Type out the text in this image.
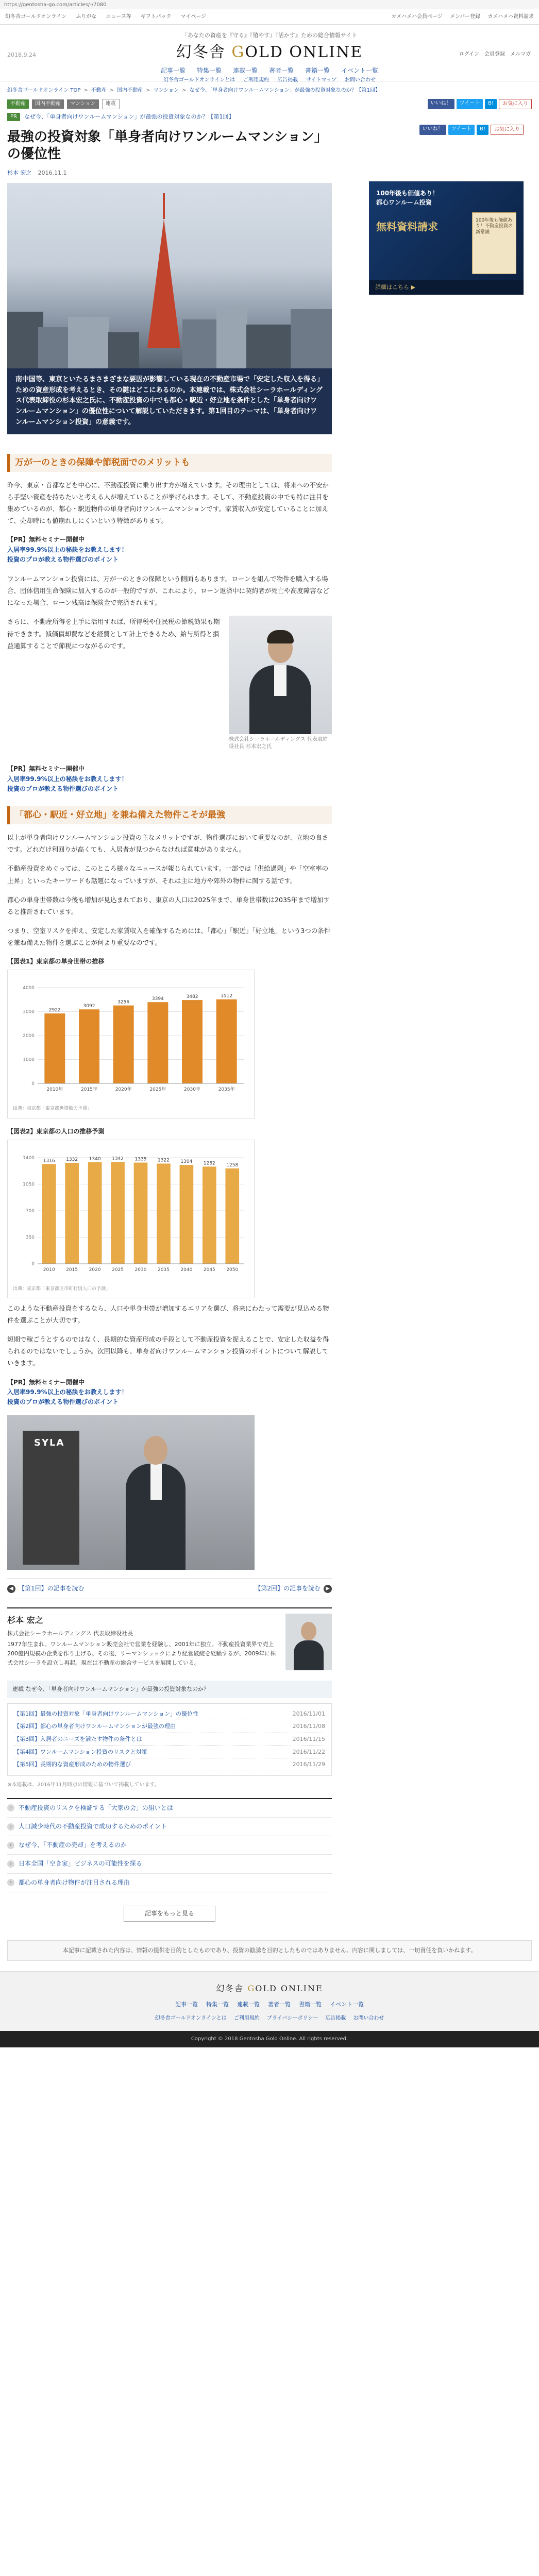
https://gentosha-go.com/articles/-/7080
幻冬舎ゴールドオンライン ふりがな ニュース等 ギフトパック マイページ	カメハメハ会員ページ メンバー登録 カメハメハ資料請求
「あなたの資産を『守る』『殖やす』『活かす』ための総合情報サイト
幻冬舎 GOLD ONLINE
2018.9.24	ログイン 会員登録 メルマガ
記事一覧 特集一覧 連載一覧 著者一覧 書籍一覧 イベント一覧
幻冬舎ゴールドオンラインとは ご利用規約 広告掲載 サイトマップ お問い合わせ
幻冬舎ゴールドオンライン TOP > 不動産 > 国内不動産 > マンション > なぜ今、「単身者向けワンルームマンション」が最強の投資対象なのか？【第1回】
不動産	国内不動産	マンション	連載	いいね！	ツイート	B!	お気に入り
PR	なぜ今、「単身者向けワンルームマンション」が最強の投資対象なのか？【第1回】
最強の投資対象「単身者向けワンルームマンション」の優位性
杉本 宏之 2016.11.1
南中国等、東京といたるまさまざまな要因が影響している現在の不動産市場で「安定した収入を得る」ための資産形成を考えるとき、その鍵はどこにあるのか。本連載では、株式会社シーラホールディングス代表取締役の杉本宏之氏に、不動産投資の中でも都心・駅近・好立地を条件とした「単身者向けワンルームマンション」の優位性について解説していただきます。第1回目のテーマは、「単身者向けワンルームマンション投資」の意義です。
万が一のときの保障や節税面でのメリットも

昨今、東京・首都などを中心に、不動産投資に乗り出す方が増えています。その理由としては、将来への不安から手堅い資産を持ちたいと考える人が増えていることが挙げられます。そして、不動産投資の中でも特に注目を集めているのが、都心・駅近物件の単身者向けワンルームマンションです。家賃収入が安定していることに加えて、売却時にも値崩れしにくいという特徴があります。

【PR】無料セミナー開催中
入居率99.9%以上の秘訣をお教えします！
投資のプロが教える物件選びのポイント

ワンルームマンション投資には、万が一のときの保障という側面もあります。ローンを組んで物件を購入する場合、団体信用生命保険に加入するのが一般的ですが、これにより、ローン返済中に契約者が死亡や高度障害などになった場合、ローン残高は保険金で完済されます。

株式会社シーラホールディングス 代表取締役社長 杉本宏之氏

さらに、不動産所得を上手に活用すれば、所得税や住民税の節税効果も期待できます。減価償却費などを経費として計上できるため、給与所得と損益通算することで節税につながるのです。

【PR】無料セミナー開催中
入居率99.9%以上の秘訣をお教えします！
投資のプロが教える物件選びのポイント
「都心・駅近・好立地」を兼ね備えた物件こそが最強

以上が単身者向けワンルームマンション投資の主なメリットですが、物件選びにおいて重要なのが、立地の良さです。どれだけ利回りが高くても、入居者が見つからなければ意味がありません。

不動産投資をめぐっては、このところ様々なニュースが報じられています。一部では「供給過剰」や「空室率の上昇」といったキーワードも話題になっていますが、それは主に地方や郊外の物件に関する話です。

都心の単身世帯数は今後も増加が見込まれており、東京の人口は2025年まで、単身世帯数は2035年まで増加すると推計されています。

つまり、空室リスクを抑え、安定した家賃収入を確保するためには、「都心」「駅近」「好立地」という3つの条件を兼ね備えた物件を選ぶことが何より重要なのです。

【図表1】東京都の単身世帯の推移
0
1000
2000
3000
4000
2922
2010年
3092
2015年
3256
2020年
3394
2025年
3482
2030年
3512
2035年
出典：東京都「東京都世帯数の予測」
【図表2】東京都の人口の推移予測
0
350
700
1050
1400
1316
2010
1332
2015
1340
2020
1342
2025
1335
2030
1322
2035
1304
2040
1282
2045
1258
2050
出典：東京都「東京都区市町村別人口の予測」

このような不動産投資をするなら、人口や単身世帯が増加するエリアを選び、将来にわたって需要が見込める物件を選ぶことが大切です。

短期で稼ごうとするのではなく、長期的な資産形成の手段として不動産投資を捉えることで、安定した収益を得られるのではないでしょうか。次回以降も、単身者向けワンルームマンション投資のポイントについて解説していきます。

【PR】無料セミナー開催中
入居率99.9%以上の秘訣をお教えします！
投資のプロが教える物件選びのポイント
SYLA
◀ 【第1回】の記事を読む	【第2回】の記事を読む	▶
杉本 宏之
株式会社シーラホールディングス 代表取締役社長
1977年生まれ。ワンルームマンション販売会社で営業を経験し、2001年に独立。不動産投資業界で売上200億円規模の企業を作り上げる。その後、リーマンショックにより経営破綻を経験するが、2009年に株式会社シーラを設立し再起。現在は不動産の総合サービスを展開している。
連載 なぜ今、「単身者向けワンルームマンション」が最強の投資対象なのか？
【第1回】最強の投資対象「単身者向けワンルームマンション」の優位性	2016/11/01
【第2回】都心の単身者向けワンルームマンションが最強の理由	2016/11/08
【第3回】入居者のニーズを満たす物件の条件とは	2016/11/15
【第4回】ワンルームマンション投資のリスクと対策	2016/11/22
【第5回】長期的な資産形成のための物件選び	2016/11/29
※本連載は、2016年11月時点の情報に基づいて掲載しています。
›	不動産投資のリスクを検証する「大家の会」の狙いとは
›	人口減少時代の不動産投資で成功するためのポイント
›	なぜ今、「不動産の売却」を考えるのか
›	日本全国「空き家」ビジネスの可能性を探る
›	都心の単身者向け物件が注目される理由
記事をもっと見る
いいね！	ツイート	B!	お気に入り
100年後も価値あり！
都心ワンルーム投資
無料資料請求	100年後も価値あり！不動産投資の新常識
詳細はこちら ▶
本記事に記載された内容は、情報の提供を目的としたものであり、投資の勧誘を目的としたものではありません。内容に関しましては、一切責任を負いかねます。
幻冬舎 GOLD ONLINE
記事一覧 特集一覧 連載一覧 著者一覧 書籍一覧 イベント一覧
幻冬舎ゴールドオンラインとは ご利用規約 プライバシーポリシー 広告掲載 お問い合わせ
Copyright © 2018 Gentosha Gold Online. All rights reserved.
